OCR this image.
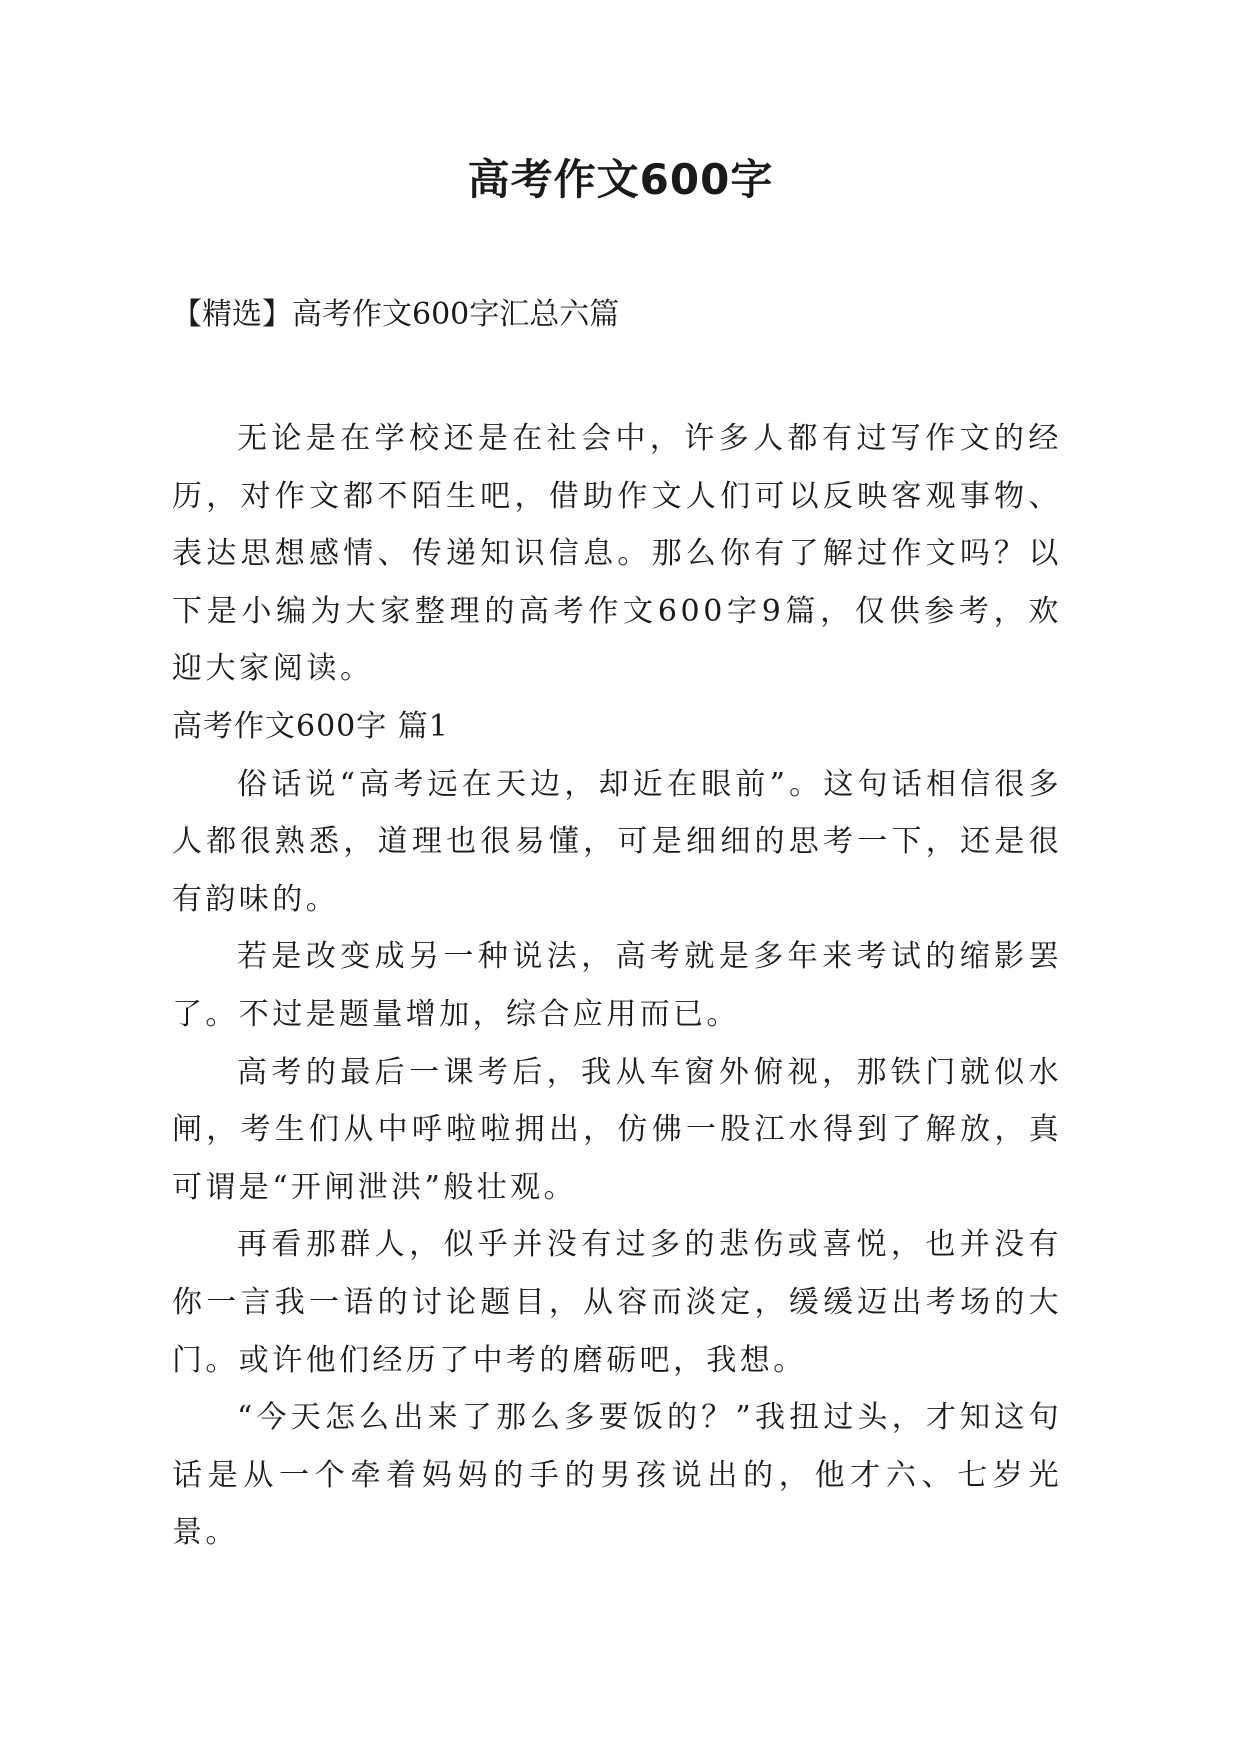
高考作文600字

【精选】高考作文600字汇总六篇

无论是在学校还是在社会中，许多人都有过写作文的经历，对作文都不陌生吧，借助作文人们可以反映客观事物、表达思想感情、传递知识信息。那么你有了解过作文吗？以下是小编为大家整理的高考作文600字9篇，仅供参考，欢迎大家阅读。

高考作文600字 篇1

俗话说“高考远在天边，却近在眼前”。这句话相信很多人都很熟悉，道理也很易懂，可是细细的思考一下，还是很有韵味的。

若是改变成另一种说法，高考就是多年来考试的缩影罢了。不过是题量增加，综合应用而已。

高考的最后一课考后，我从车窗外俯视，那铁门就似水闸，考生们从中呼啦啦拥出，仿佛一股江水得到了解放，真可谓是“开闸泄洪”般壮观。

再看那群人，似乎并没有过多的悲伤或喜悦，也并没有你一言我一语的讨论题目，从容而淡定，缓缓迈出考场的大门。或许他们经历了中考的磨砺吧，我想。

“今天怎么出来了那么多要饭的？”我扭过头，才知这句话是从一个牵着妈妈的手的男孩说出的，他才六、七岁光景。
